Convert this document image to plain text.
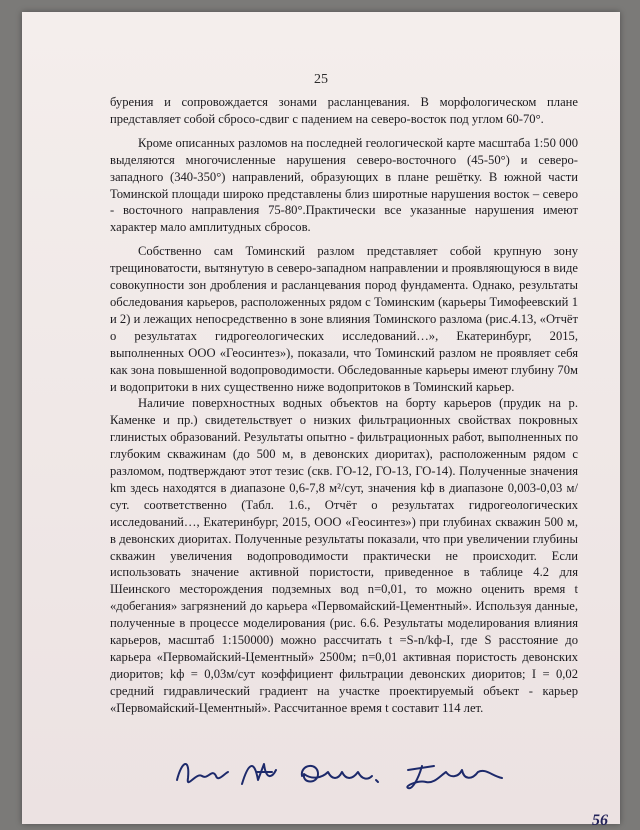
25

бурения и сопровождается зонами расланцевания. В морфологическом плане представляет собой сбросо-сдвиг с падением на северо-восток под углом 60-70°.

Кроме описанных разломов на последней геологической карте масштаба 1:50 000 выделяются многочисленные нарушения северо-восточного (45-50°) и северо-западного (340-350°) направлений, образующих в плане решётку. В южной части Томинской площади широко представлены близ широтные нарушения восток – северо - восточного направления 75-80°.Практически все указанные нарушения имеют характер мало амплитудных сбросов.

Собственно сам Томинский разлом представляет собой крупную зону трещиноватости, вытянутую в северо-западном направлении и проявляющуюся в виде совокупности зон дробления и расланцевания пород фундамента. Однако, результаты обследования карьеров, расположенных рядом с Томинским (карьеры Тимофеевский 1 и 2) и лежащих непосредственно в зоне влияния Томинского разлома (рис.4.13, «Отчёт о результатах гидрогеологических исследований…», Екатеринбург, 2015, выполненных ООО «Геосинтез»), показали, что Томинский разлом не проявляет себя как зона повышенной водопроводимости. Обследованные карьеры имеют глубину 70м и водопритоки в них существенно ниже водопритоков в Томинский карьер.

Наличие поверхностных водных объектов на борту карьеров (прудик на р. Каменке и пр.) свидетельствует о низких фильтрационных свойствах покровных глинистых образований. Результаты опытно - фильтрационных работ, выполненных по глубоким скважинам (до 500 м, в девонских диоритах), расположенным рядом с разломом, подтверждают этот тезис (скв. ГО-12, ГО-13, ГО-14). Полученные значения km здесь находятся в диапазоне 0,6-7,8 м²/сут, значения kф в диапазоне 0,003-0,03 м/сут. соответственно (Табл. 1.6., Отчёт о результатах гидрогеологических исследований…, Екатеринбург, 2015, ООО «Геосинтез») при глубинах скважин 500 м, в девонских диоритах. Полученные результаты показали, что при увеличении глубины скважин увеличения водопроводимости практически не происходит. Если использовать значение активной пористости, приведенное в таблице 4.2 для Шеинского месторождения подземных вод n=0,01, то можно оценить время t «добегания» загрязнений до карьера «Первомайский-Цементный». Используя данные, полученные в процессе моделирования (рис. 6.6. Результаты моделирования влияния карьеров, масштаб 1:150000) можно рассчитать t =S-n/kф-I, где S расстояние до карьера «Первомайский-Цементный» 2500м; n=0,01 активная пористость девонских диоритов; kф = 0,03м/сут коэффициент фильтрации девонских диоритов; I = 0,02 средний гидравлический градиент на участке проектируемый объект - карьер «Первомайский-Цементный». Рассчитанное время t составит 114 лет.

56
